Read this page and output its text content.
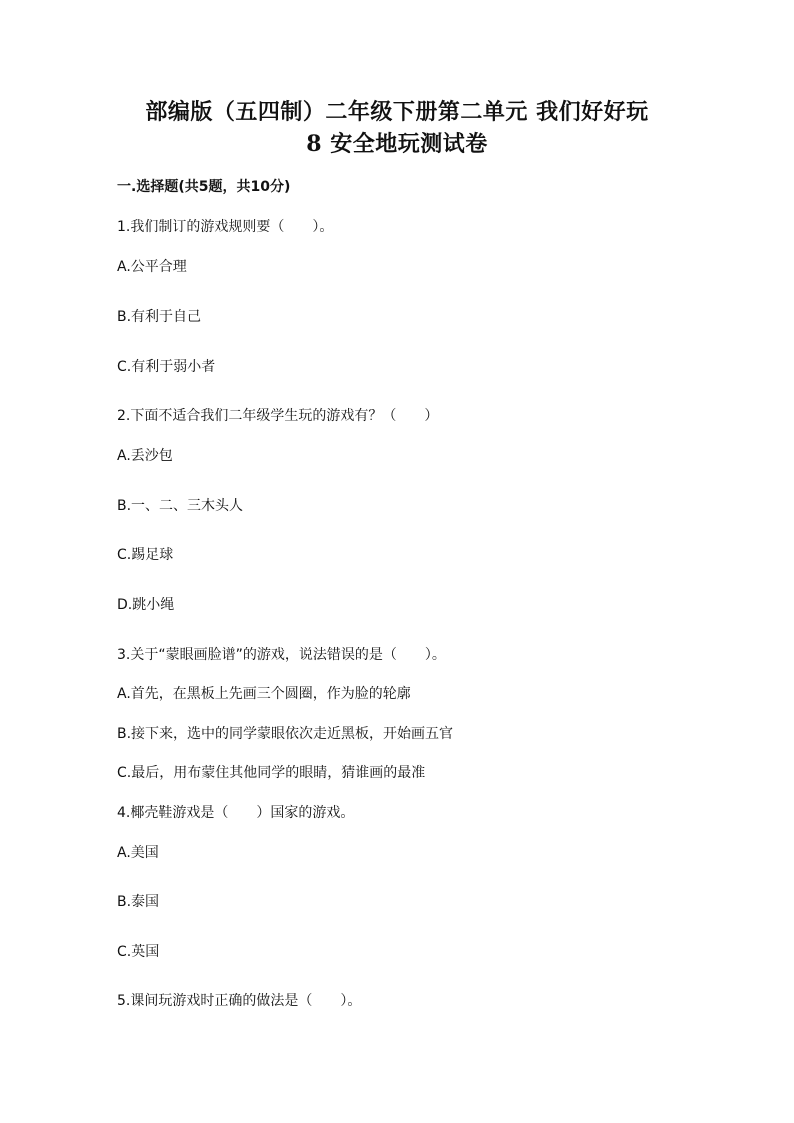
部编版（五四制）二年级下册第二单元 我们好好玩
8 安全地玩测试卷
一.选择题(共5题，共10分)
1.我们制订的游戏规则要（　　）。
A.公平合理
B.有利于自己
C.有利于弱小者
2.下面不适合我们二年级学生玩的游戏有？（　　）
A.丢沙包
B.一、二、三木头人
C.踢足球
D.跳小绳
3.关于“蒙眼画脸谱”的游戏，说法错误的是（　　）。
A.首先，在黑板上先画三个圆圈，作为脸的轮廓
B.接下来，选中的同学蒙眼依次走近黑板，开始画五官
C.最后，用布蒙住其他同学的眼睛，猜谁画的最准
4.椰壳鞋游戏是（　　）国家的游戏。
A.美国
B.泰国
C.英国
5.课间玩游戏时正确的做法是（　　）。
